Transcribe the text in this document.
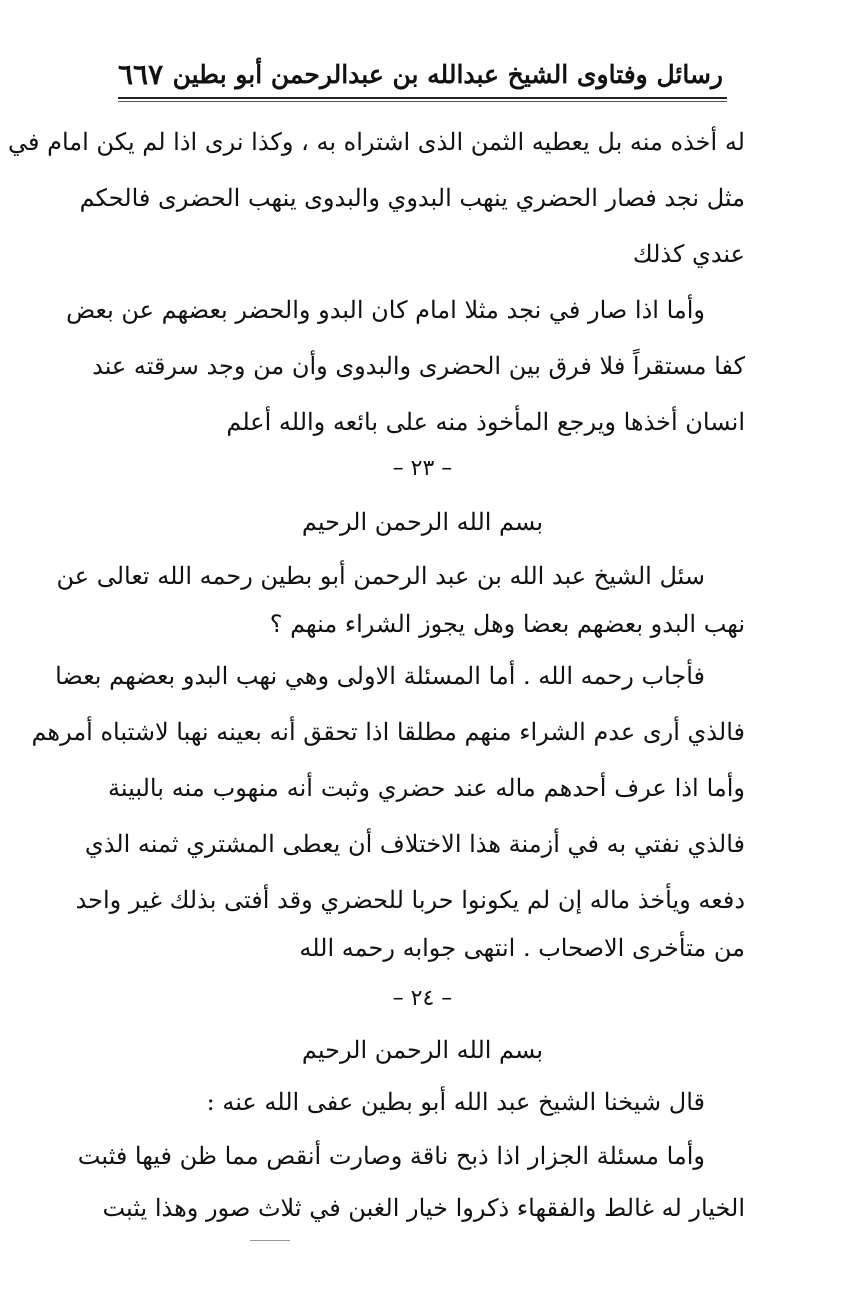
رسائل وفتاوى الشيخ عبدالله بن عبدالرحمن أبو بطين
٦٦٧
له أخذه منه بل يعطيه الثمن الذى اشتراه به ، وكذا نرى اذا لم يكن امام في
مثل نجد فصار الحضري ينهب البدوي والبدوى ينهب الحضرى فالحكم
عندي كذلك
وأما اذا صار في نجد مثلا امام كان البدو والحضر بعضهم عن بعض
كفا مستقراً فلا فرق بين الحضرى والبدوى وأن من وجد سرقته عند
انسان أخذها ويرجع المأخوذ منه على بائعه والله أعلم
– ٢٣ –
بسم الله الرحمن الرحيم
سئل الشيخ عبد الله بن عبد الرحمن أبو بطين رحمه الله تعالى عن
نهب البدو بعضهم بعضا وهل يجوز الشراء منهم ؟
فأجاب رحمه الله . أما المسئلة الاولى وهي نهب البدو بعضهم بعضا
فالذي أرى عدم الشراء منهم مطلقا اذا تحقق أنه بعينه نهبا لاشتباه أمرهم
وأما اذا عرف أحدهم ماله عند حضري وثبت أنه منهوب منه بالبينة
فالذي نفتي به في أزمنة هذا الاختلاف أن يعطى المشتري ثمنه الذي
دفعه ويأخذ ماله إن لم يكونوا حربا للحضري وقد أفتى بذلك غير واحد
من متأخرى الاصحاب . انتهى جوابه رحمه الله
– ٢٤ –
بسم الله الرحمن الرحيم
قال شيخنا الشيخ عبد الله أبو بطين عفى الله عنه :
وأما مسئلة الجزار اذا ذبح ناقة وصارت أنقص مما ظن فيها فثبت
الخيار له غالط والفقهاء ذكروا خيار الغبن في ثلاث صور وهذا يثبت
